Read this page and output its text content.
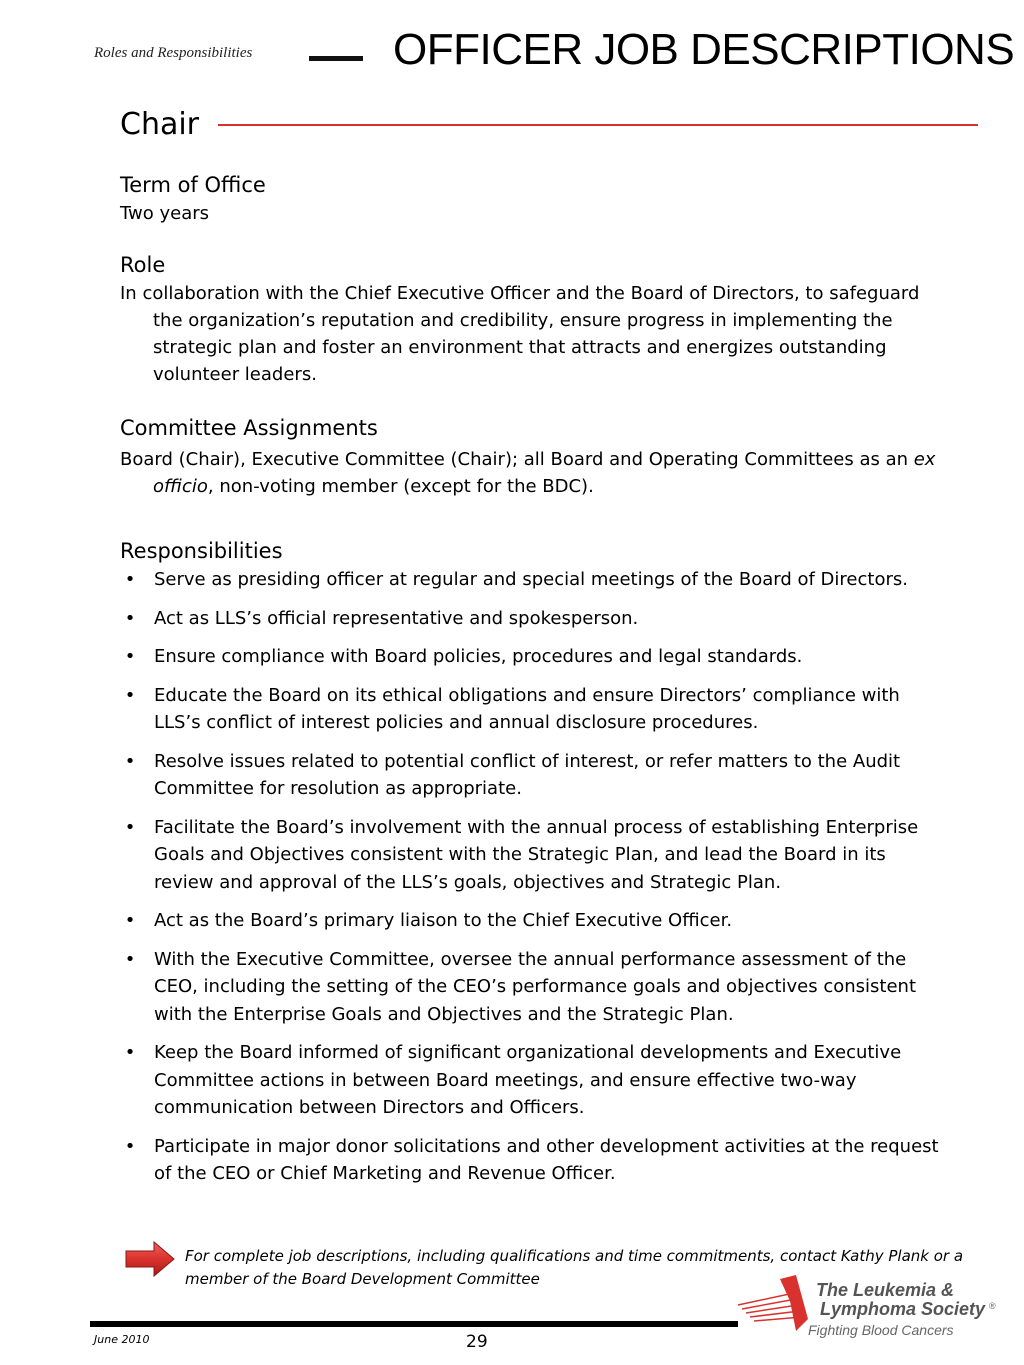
Roles and Responsibilities	OFFICER JOB DESCRIPTIONS
Chair
Term of Office

Two years

Role

In collaboration with the Chief Executive Officer and the Board of Directors, to safeguard the organization’s reputation and credibility, ensure progress in implementing the strategic plan and foster an environment that attracts and energizes outstanding volunteer leaders.

Committee Assignments

Board (Chair), Executive Committee (Chair); all Board and Operating Committees as an ex officio, non-voting member (except for the BDC).

Responsibilities
• Serve as presiding officer at regular and special meetings of the Board of Directors.
• Act as LLS’s official representative and spokesperson.
• Ensure compliance with Board policies, procedures and legal standards.
• Educate the Board on its ethical obligations and ensure Directors’ compliance with LLS’s conflict of interest policies and annual disclosure procedures.
• Resolve issues related to potential conflict of interest, or refer matters to the Audit Committee for resolution as appropriate.
• Facilitate the Board’s involvement with the annual process of establishing Enterprise Goals and Objectives consistent with the Strategic Plan, and lead the Board in its review and approval of the LLS’s goals, objectives and Strategic Plan.
• Act as the Board’s primary liaison to the Chief Executive Officer.
• With the Executive Committee, oversee the annual performance assessment of the CEO, including the setting of the CEO’s performance goals and objectives consistent with the Enterprise Goals and Objectives and the Strategic Plan.
• Keep the Board informed of significant organizational developments and Executive Committee actions in between Board meetings, and ensure effective two-way communication between Directors and Officers.
• Participate in major donor solicitations and other development activities at the request of the CEO or Chief Marketing and Revenue Officer.
For complete job descriptions, including qualifications and time commitments, contact Kathy Plank or a member of the Board Development Committee
June 2010	29
The Leukemia &
Lymphoma Society ®
Fighting Blood Cancers
